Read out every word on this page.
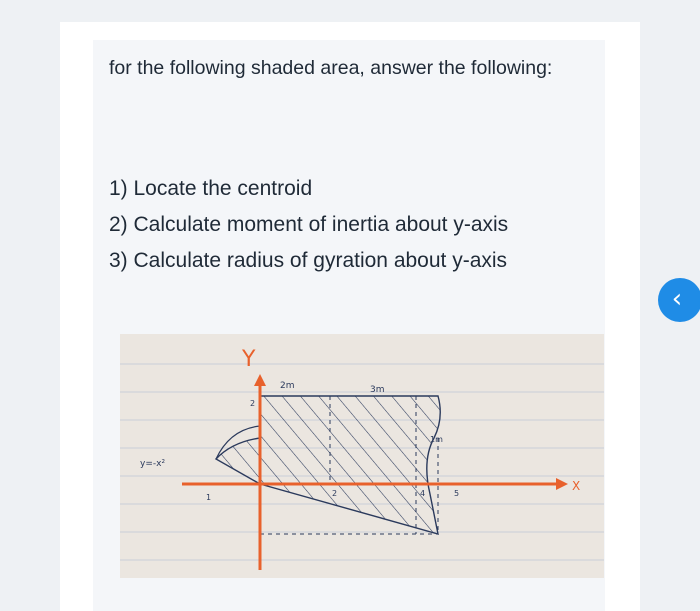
for the following shaded area, answer the following:

1) Locate the centroid
2) Calculate moment of inertia about y-axis
3) Calculate radius of gyration about y-axis
Y
X
y=-x²
2m	3m
1m
2
1	2	4	5
‹
